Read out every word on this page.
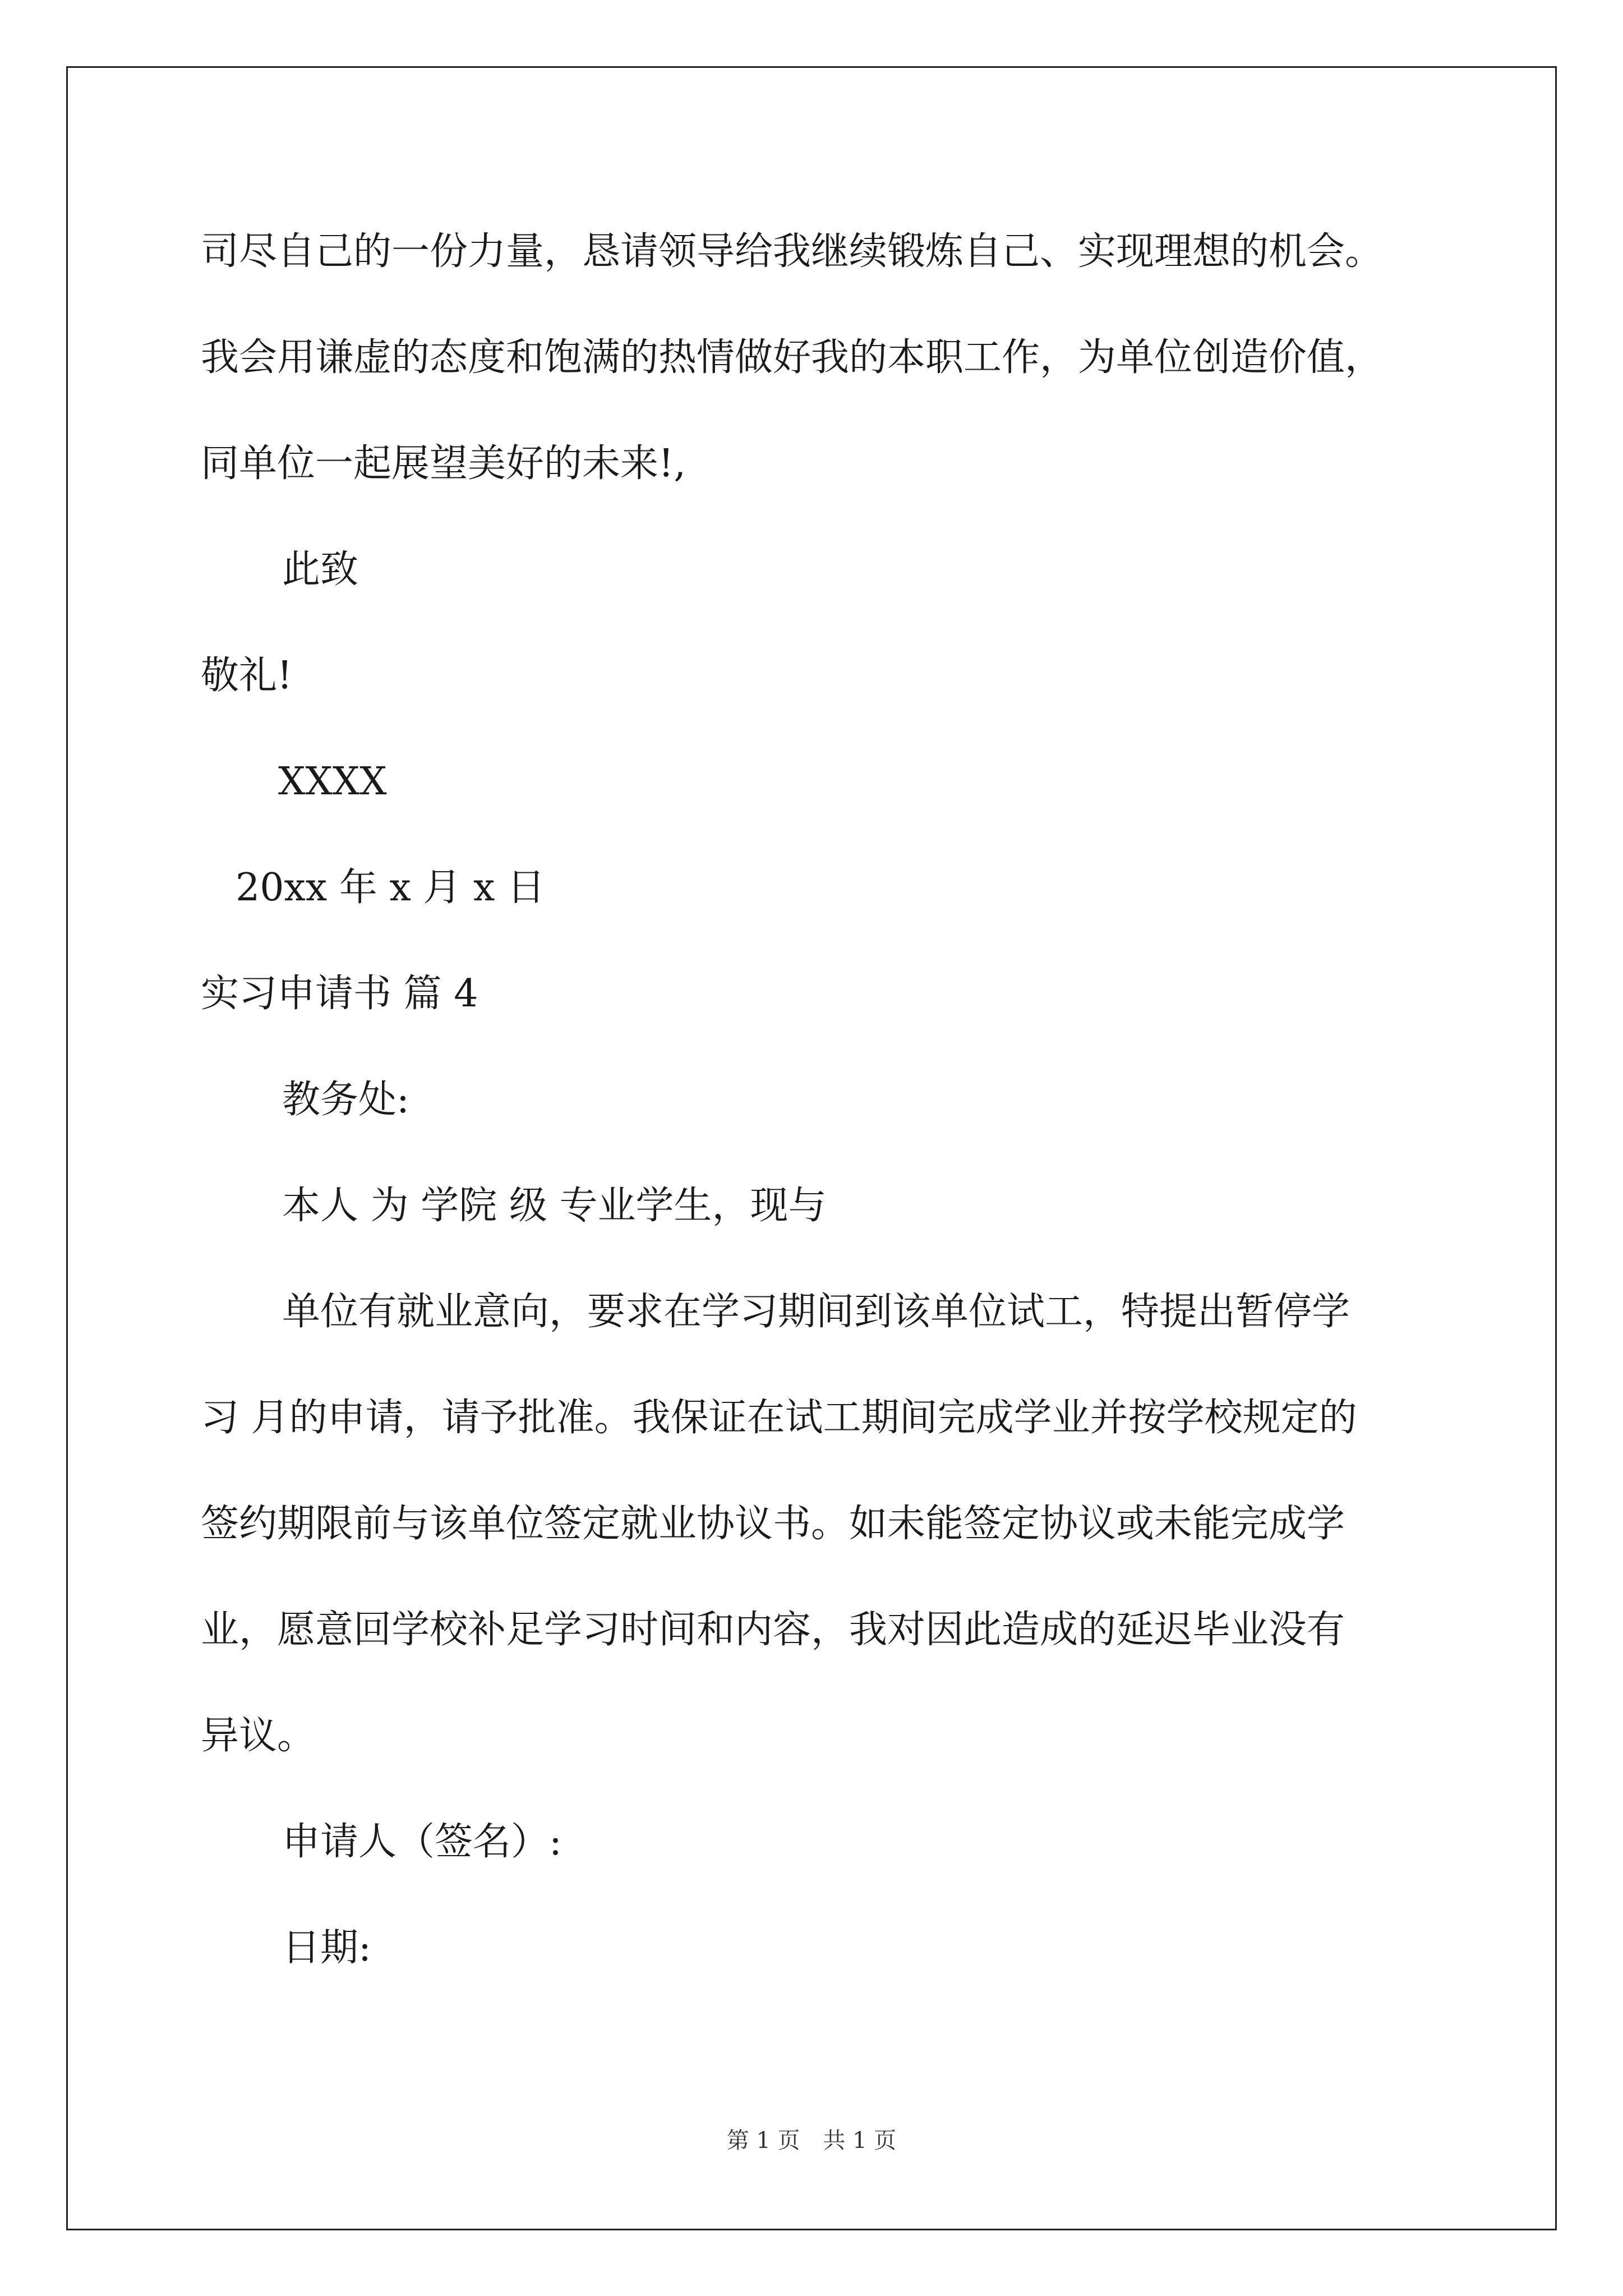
司尽自己的一份力量，恳请领导给我继续锻炼自己、实现理想的机会。
我会用谦虚的态度和饱满的热情做好我的本职工作，为单位创造价值，
同单位一起展望美好的未来!,
此致
敬礼!
XXXX
20xx 年 x 月 x 日
实习申请书 篇 4
教务处:
本人 为 学院 级 专业学生，现与
单位有就业意向，要求在学习期间到该单位试工，特提出暂停学
习 月的申请，请予批准。我保证在试工期间完成学业并按学校规定的
签约期限前与该单位签定就业协议书。如未能签定协议或未能完成学
业，愿意回学校补足学习时间和内容，我对因此造成的延迟毕业没有
异议。
申请人（签名）:
日期:
第 1 页 共 1 页
